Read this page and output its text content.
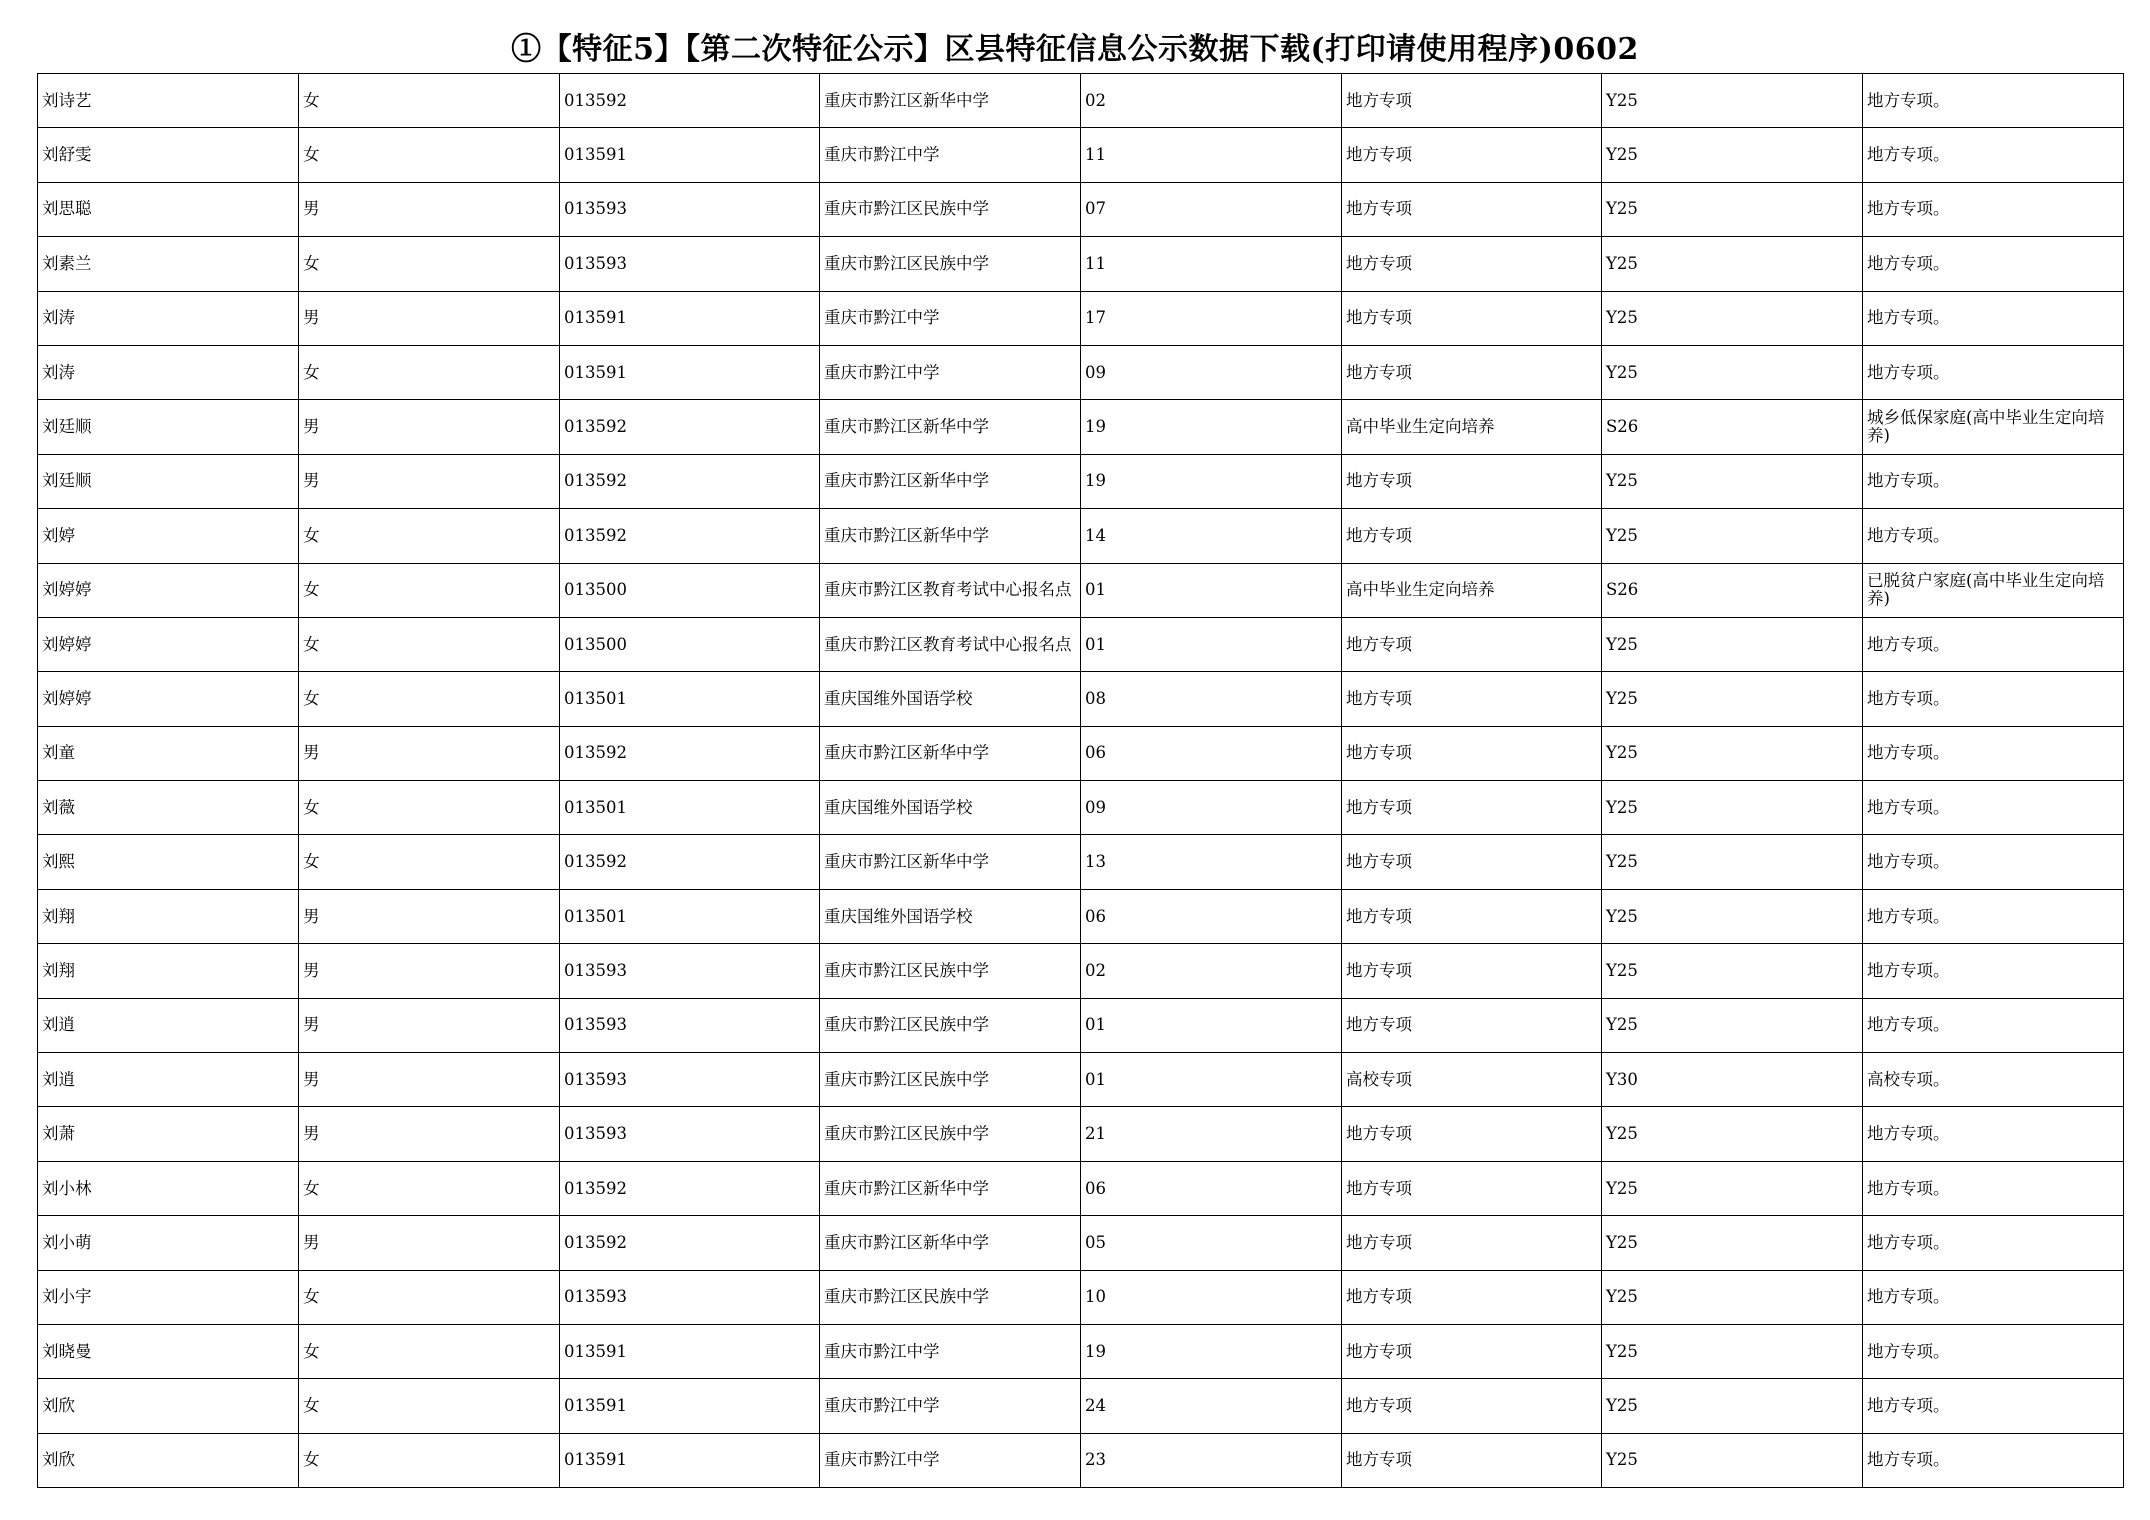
①【特征5】【第二次特征公示】区县特征信息公示数据下载(打印请使用程序)0602
刘诗艺	女	013592	重庆市黔江区新华中学	02	地方专项	Y25	地方专项。
刘舒雯	女	013591	重庆市黔江中学	11	地方专项	Y25	地方专项。
刘思聪	男	013593	重庆市黔江区民族中学	07	地方专项	Y25	地方专项。
刘素兰	女	013593	重庆市黔江区民族中学	11	地方专项	Y25	地方专项。
刘涛	男	013591	重庆市黔江中学	17	地方专项	Y25	地方专项。
刘涛	女	013591	重庆市黔江中学	09	地方专项	Y25	地方专项。
刘廷顺	男	013592	重庆市黔江区新华中学	19	高中毕业生定向培养	S26	城乡低保家庭(高中毕业生定向培养)
刘廷顺	男	013592	重庆市黔江区新华中学	19	地方专项	Y25	地方专项。
刘婷	女	013592	重庆市黔江区新华中学	14	地方专项	Y25	地方专项。
刘婷婷	女	013500	重庆市黔江区教育考试中心报名点	01	高中毕业生定向培养	S26	已脱贫户家庭(高中毕业生定向培养)
刘婷婷	女	013500	重庆市黔江区教育考试中心报名点	01	地方专项	Y25	地方专项。
刘婷婷	女	013501	重庆国维外国语学校	08	地方专项	Y25	地方专项。
刘童	男	013592	重庆市黔江区新华中学	06	地方专项	Y25	地方专项。
刘薇	女	013501	重庆国维外国语学校	09	地方专项	Y25	地方专项。
刘熙	女	013592	重庆市黔江区新华中学	13	地方专项	Y25	地方专项。
刘翔	男	013501	重庆国维外国语学校	06	地方专项	Y25	地方专项。
刘翔	男	013593	重庆市黔江区民族中学	02	地方专项	Y25	地方专项。
刘逍	男	013593	重庆市黔江区民族中学	01	地方专项	Y25	地方专项。
刘逍	男	013593	重庆市黔江区民族中学	01	高校专项	Y30	高校专项。
刘萧	男	013593	重庆市黔江区民族中学	21	地方专项	Y25	地方专项。
刘小林	女	013592	重庆市黔江区新华中学	06	地方专项	Y25	地方专项。
刘小萌	男	013592	重庆市黔江区新华中学	05	地方专项	Y25	地方专项。
刘小宇	女	013593	重庆市黔江区民族中学	10	地方专项	Y25	地方专项。
刘晓曼	女	013591	重庆市黔江中学	19	地方专项	Y25	地方专项。
刘欣	女	013591	重庆市黔江中学	24	地方专项	Y25	地方专项。
刘欣	女	013591	重庆市黔江中学	23	地方专项	Y25	地方专项。
